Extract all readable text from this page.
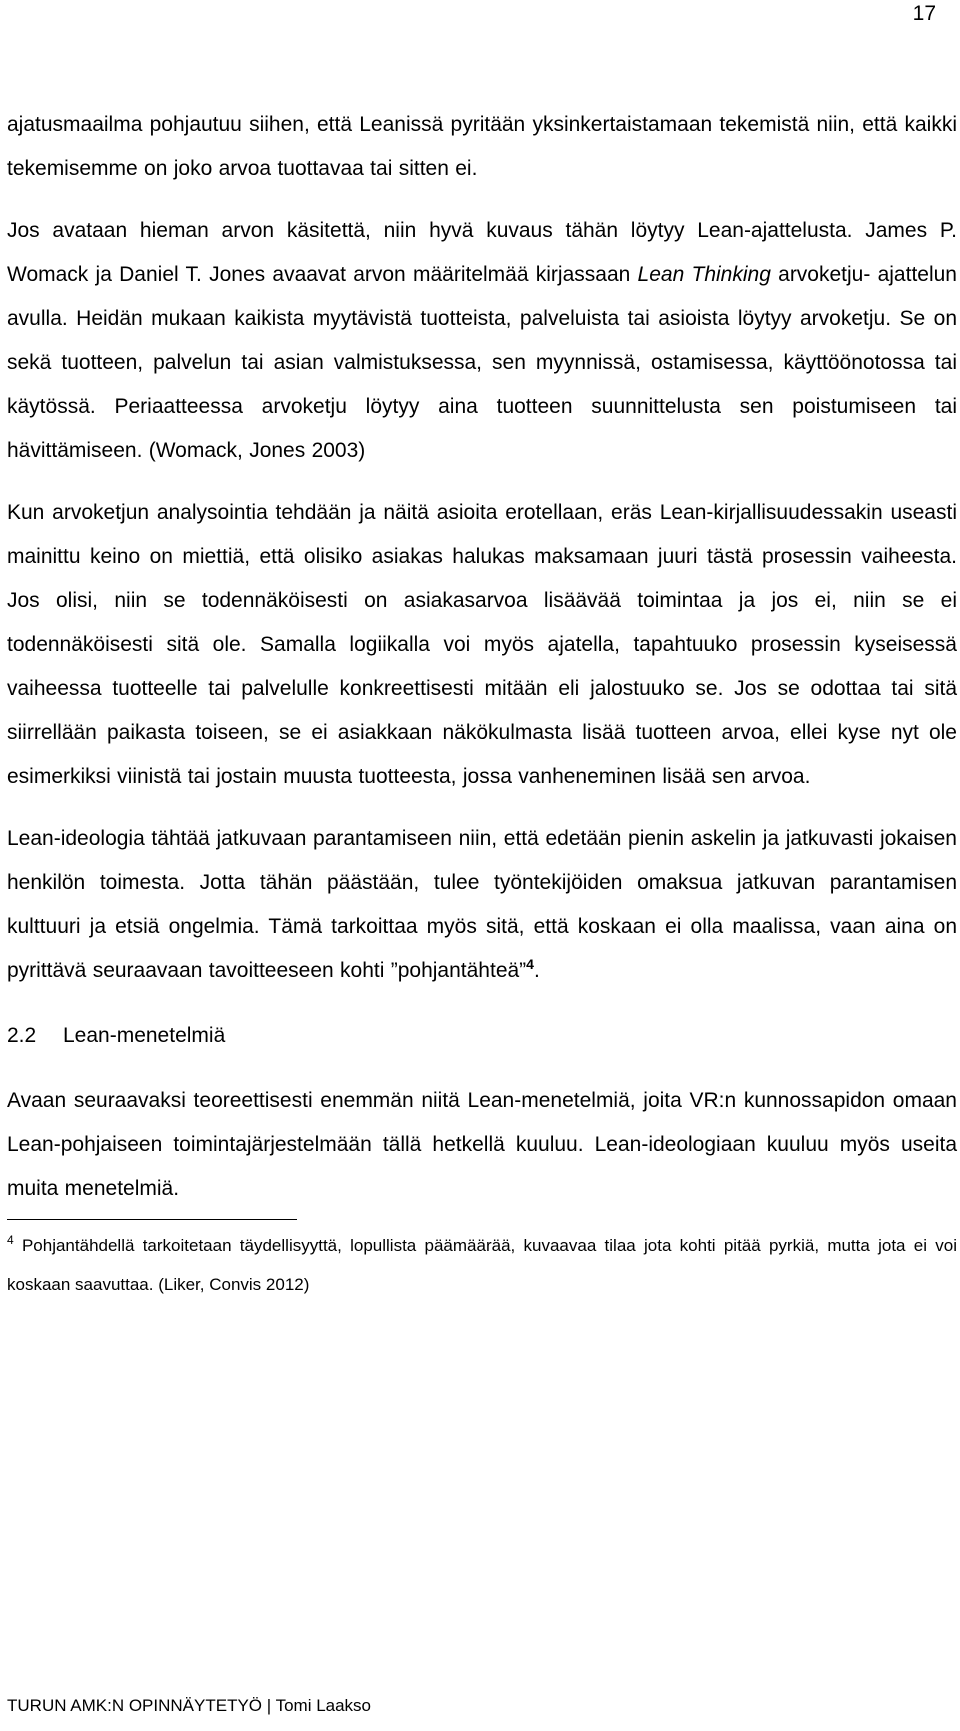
17

ajatusmaailma pohjautuu siihen, että Leanissä pyritään yksinkertaistamaan tekemistä niin, että kaikki tekemisemme on joko arvoa tuottavaa tai sitten ei.

Jos avataan hieman arvon käsitettä, niin hyvä kuvaus tähän löytyy Lean-ajattelusta. James P. Womack ja Daniel T. Jones avaavat arvon määritelmää kirjassaan Lean Thinking arvoketju- ajattelun avulla. Heidän mukaan kaikista myytävistä tuotteista, palveluista tai asioista löytyy arvoketju. Se on sekä tuotteen, palvelun tai asian valmistuksessa, sen myynnissä, ostamisessa, käyttöönotossa tai käytössä. Periaatteessa arvoketju löytyy aina tuotteen suunnittelusta sen poistumiseen tai hävittämiseen. (Womack, Jones 2003)

Kun arvoketjun analysointia tehdään ja näitä asioita erotellaan, eräs Lean-kirjallisuudessakin useasti mainittu keino on miettiä, että olisiko asiakas halukas maksamaan juuri tästä prosessin vaiheesta. Jos olisi, niin se todennäköisesti on asiakasarvoa lisäävää toimintaa ja jos ei, niin se ei todennäköisesti sitä ole. Samalla logiikalla voi myös ajatella, tapahtuuko prosessin kyseisessä vaiheessa tuotteelle tai palvelulle konkreettisesti mitään eli jalostuuko se. Jos se odottaa tai sitä siirrellään paikasta toiseen, se ei asiakkaan näkökulmasta lisää tuotteen arvoa, ellei kyse nyt ole esimerkiksi viinistä tai jostain muusta tuotteesta, jossa vanheneminen lisää sen arvoa.

Lean-ideologia tähtää jatkuvaan parantamiseen niin, että edetään pienin askelin ja jatkuvasti jokaisen henkilön toimesta. Jotta tähän päästään, tulee työntekijöiden omaksua jatkuvan parantamisen kulttuuri ja etsiä ongelmia. Tämä tarkoittaa myös sitä, että koskaan ei olla maalissa, vaan aina on pyrittävä seuraavaan tavoitteeseen kohti ”pohjantähteä”$^4$.

2.2	Lean-menetelmiä

Avaan seuraavaksi teoreettisesti enemmän niitä Lean-menetelmiä, joita VR:n kunnossapidon omaan Lean-pohjaiseen toimintajärjestelmään tällä hetkellä kuuluu. Lean-ideologiaan kuuluu myös useita muita menetelmiä.

$^4$ Pohjantähdellä tarkoitetaan täydellisyyttä, lopullista päämäärää, kuvaavaa tilaa jota kohti pitää pyrkiä, mutta jota ei voi koskaan saavuttaa. (Liker, Convis 2012)

TURUN AMK:N OPINNÄYTETYÖ | Tomi Laakso
